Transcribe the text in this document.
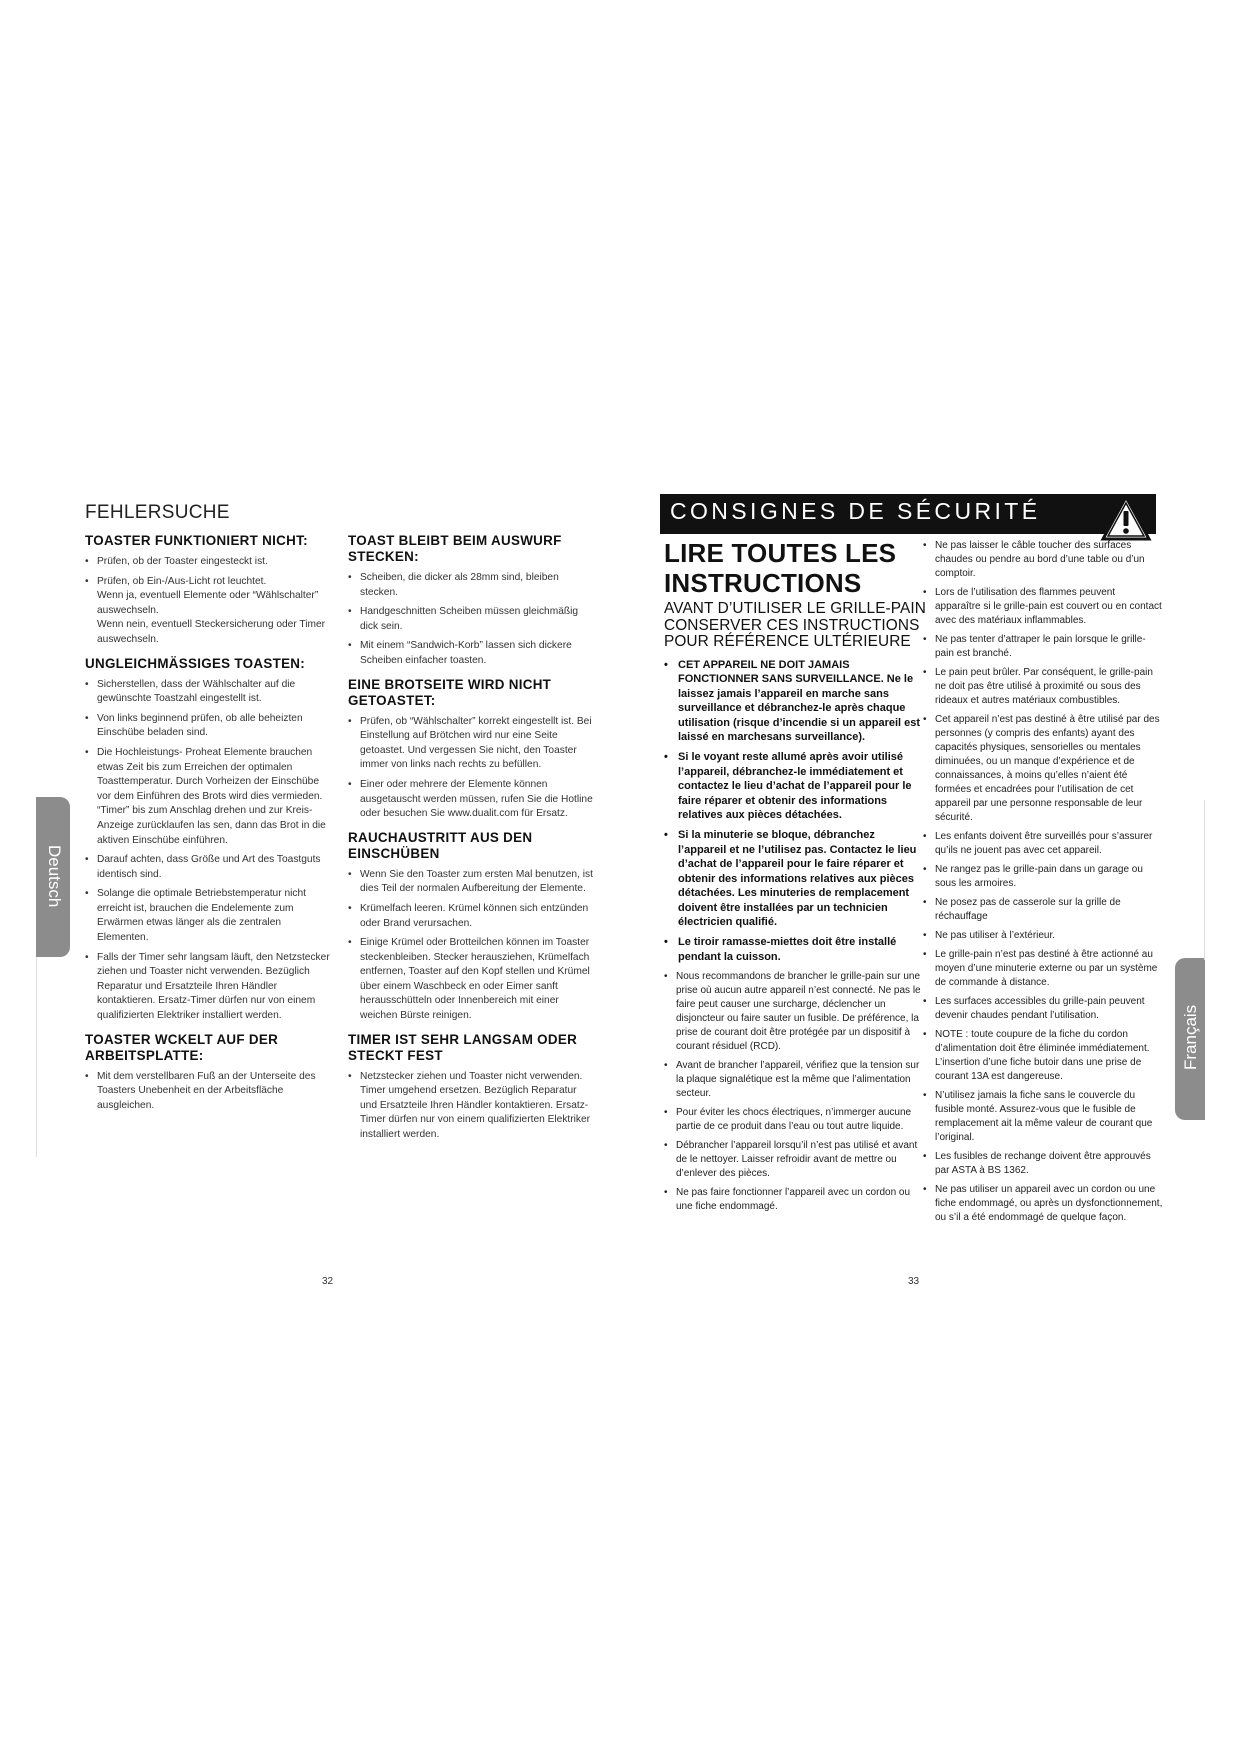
FEHLERSUCHE
TOASTER FUNKTIONIERT NICHT:
• Prüfen, ob der Toaster eingesteckt ist.
• Prüfen, ob Ein-/Aus-Licht rot leuchtet.
Wenn ja, eventuell Elemente oder “Wählschalter” auswechseln.
Wenn nein, eventuell Steckersicherung oder Timer auswechseln.
UNGLEICHMÄSSIGES TOASTEN:
• Sicherstellen, dass der Wählschalter auf die gewünschte Toastzahl eingestellt ist.
• Von links beginnend prüfen, ob alle beheizten Einschübe beladen sind.
• Die Hochleistungs- Proheat Elemente brauchen etwas Zeit bis zum Erreichen der optimalen Toasttemperatur. Durch Vorheizen der Einschübe vor dem Einführen des Brots wird dies vermieden. “Timer” bis zum Anschlag drehen und zur Kreis-Anzeige zurücklaufen las sen, dann das Brot in die aktiven Einschübe einführen.
• Darauf achten, dass Größe und Art des Toastguts identisch sind.
• Solange die optimale Betriebstemperatur nicht erreicht ist, brauchen die Endelemente zum Erwärmen etwas länger als die zentralen Elementen.
• Falls der Timer sehr langsam läuft, den Netzstecker ziehen und Toaster nicht verwenden. Bezüglich Reparatur und Ersatzteile Ihren Händler kontaktieren. Ersatz-Timer dürfen nur von einem qualifizierten Elektriker installiert werden.
TOASTER WCKELT AUF DER ARBEITSPLATTE:
• Mit dem verstellbaren Fuß an der Unterseite des Toasters Unebenheit en der Arbeitsfläche ausgleichen.
TOAST BLEIBT BEIM AUSWURF STECKEN:
• Scheiben, die dicker als 28mm sind, bleiben stecken.
• Handgeschnitten Scheiben müssen gleichmäßig dick sein.
• Mit einem “Sandwich-Korb” lassen sich dickere Scheiben einfacher toasten.
EINE BROTSEITE WIRD NICHT GETOASTET:
• Prüfen, ob “Wählschalter” korrekt eingestellt ist. Bei Einstellung auf Brötchen wird nur eine Seite getoastet. Und vergessen Sie nicht, den Toaster immer von links nach rechts zu befüllen.
• Einer oder mehrere der Elemente können ausgetauscht werden müssen, rufen Sie die Hotline oder besuchen Sie www.dualit.com für Ersatz.
RAUCHAUSTRITT AUS DEN EINSCHÜBEN
• Wenn Sie den Toaster zum ersten Mal benutzen, ist dies Teil der normalen Aufbereitung der Elemente.
• Krümelfach leeren. Krümel können sich entzünden oder Brand verursachen.
• Einige Krümel oder Brotteilchen können im Toaster steckenbleiben. Stecker herausziehen, Krümelfach entfernen, Toaster auf den Kopf stellen und Krümel über einem Waschbeck en oder Eimer sanft herausschütteln oder Innenbereich mit einer weichen Bürste reinigen.
TIMER IST SEHR LANGSAM ODER STECKT FEST
• Netzstecker ziehen und Toaster nicht verwenden. Timer umgehend ersetzen. Bezüglich Reparatur und Ersatzteile Ihren Händler kontaktieren. Ersatz-Timer dürfen nur von einem qualifizierten Elektriker installiert werden.
Deutsch
32
CONSIGNES DE SÉCURITÉ
LIRE TOUTES LES INSTRUCTIONS
AVANT D’UTILISER LE GRILLE-PAIN CONSERVER CES INSTRUCTIONS POUR RÉFÉRENCE ULTÉRIEURE
• CET APPAREIL NE DOIT JAMAIS FONCTIONNER SANS SURVEILLANCE. Ne le laissez jamais l’appareil en marche sans surveillance et débranchez-le après chaque utilisation (risque d’incendie si un appareil est laissé en marchesans surveillance).
• Si le voyant reste allumé après avoir utilisé l’appareil, débranchez-le immédiatement et contactez le lieu d’achat de l’appareil pour le faire réparer et obtenir des informations relatives aux pièces détachées.
• Si la minuterie se bloque, débranchez l’appareil et ne l’utilisez pas. Contactez le lieu d’achat de l’appareil pour le faire réparer et obtenir des informations relatives aux pièces détachées. Les minuteries de remplacement doivent être installées par un technicien électricien qualifié.
• Le tiroir ramasse-miettes doit être installé pendant la cuisson.
• Nous recommandons de brancher le grille-pain sur une prise où aucun autre appareil n’est connecté. Ne pas le faire peut causer une surcharge, déclencher un disjoncteur ou faire sauter un fusible. De préférence, la prise de courant doit être protégée par un dispositif à courant résiduel (RCD).
• Avant de brancher l’appareil, vérifiez que la tension sur la plaque signalétique est la même que l’alimentation secteur.
• Pour éviter les chocs électriques, n’immerger aucune partie de ce produit dans l’eau ou tout autre liquide.
• Débrancher l’appareil lorsqu’il n’est pas utilisé et avant de le nettoyer. Laisser refroidir avant de mettre ou d’enlever des pièces.
• Ne pas faire fonctionner l’appareil avec un cordon ou une fiche endommagé.
• Ne pas laisser le câble toucher des surfaces chaudes ou pendre au bord d’une table ou d’un comptoir.
• Lors de l’utilisation des flammes peuvent apparaître si le grille-pain est couvert ou en contact avec des matériaux inflammables.
• Ne pas tenter d’attraper le pain lorsque le grille-pain est branché.
• Le pain peut brûler. Par conséquent, le grille-pain ne doit pas être utilisé à proximité ou sous des rideaux et autres matériaux combustibles.
• Cet appareil n’est pas destiné à être utilisé par des personnes (y compris des enfants) ayant des capacités physiques, sensorielles ou mentales diminuées, ou un manque d’expérience et de connaissances, à moins qu’elles n’aient été formées et encadrées pour l’utilisation de cet appareil par une personne responsable de leur sécurité.
• Les enfants doivent être surveillés pour s’assurer qu’ils ne jouent pas avec cet appareil.
• Ne rangez pas le grille-pain dans un garage ou sous les armoires.
• Ne posez pas de casserole sur la grille de réchauffage
• Ne pas utiliser à l’extérieur.
• Le grille-pain n’est pas destiné à être actionné au moyen d’une minuterie externe ou par un système de commande à distance.
• Les surfaces accessibles du grille-pain peuvent devenir chaudes pendant l’utilisation.
• NOTE : toute coupure de la fiche du cordon d’alimentation doit être éliminée immédiatement. L’insertion d’une fiche butoir dans une prise de courant 13A est dangereuse.
• N’utilisez jamais la fiche sans le couvercle du fusible monté. Assurez-vous que le fusible de remplacement ait la même valeur de courant que l’original.
• Les fusibles de rechange doivent être approuvés par ASTA à BS 1362.
• Ne pas utiliser un appareil avec un cordon ou une fiche endommagé, ou après un dysfonctionnement, ou s’il a été endommagé de quelque façon.
Français
33
